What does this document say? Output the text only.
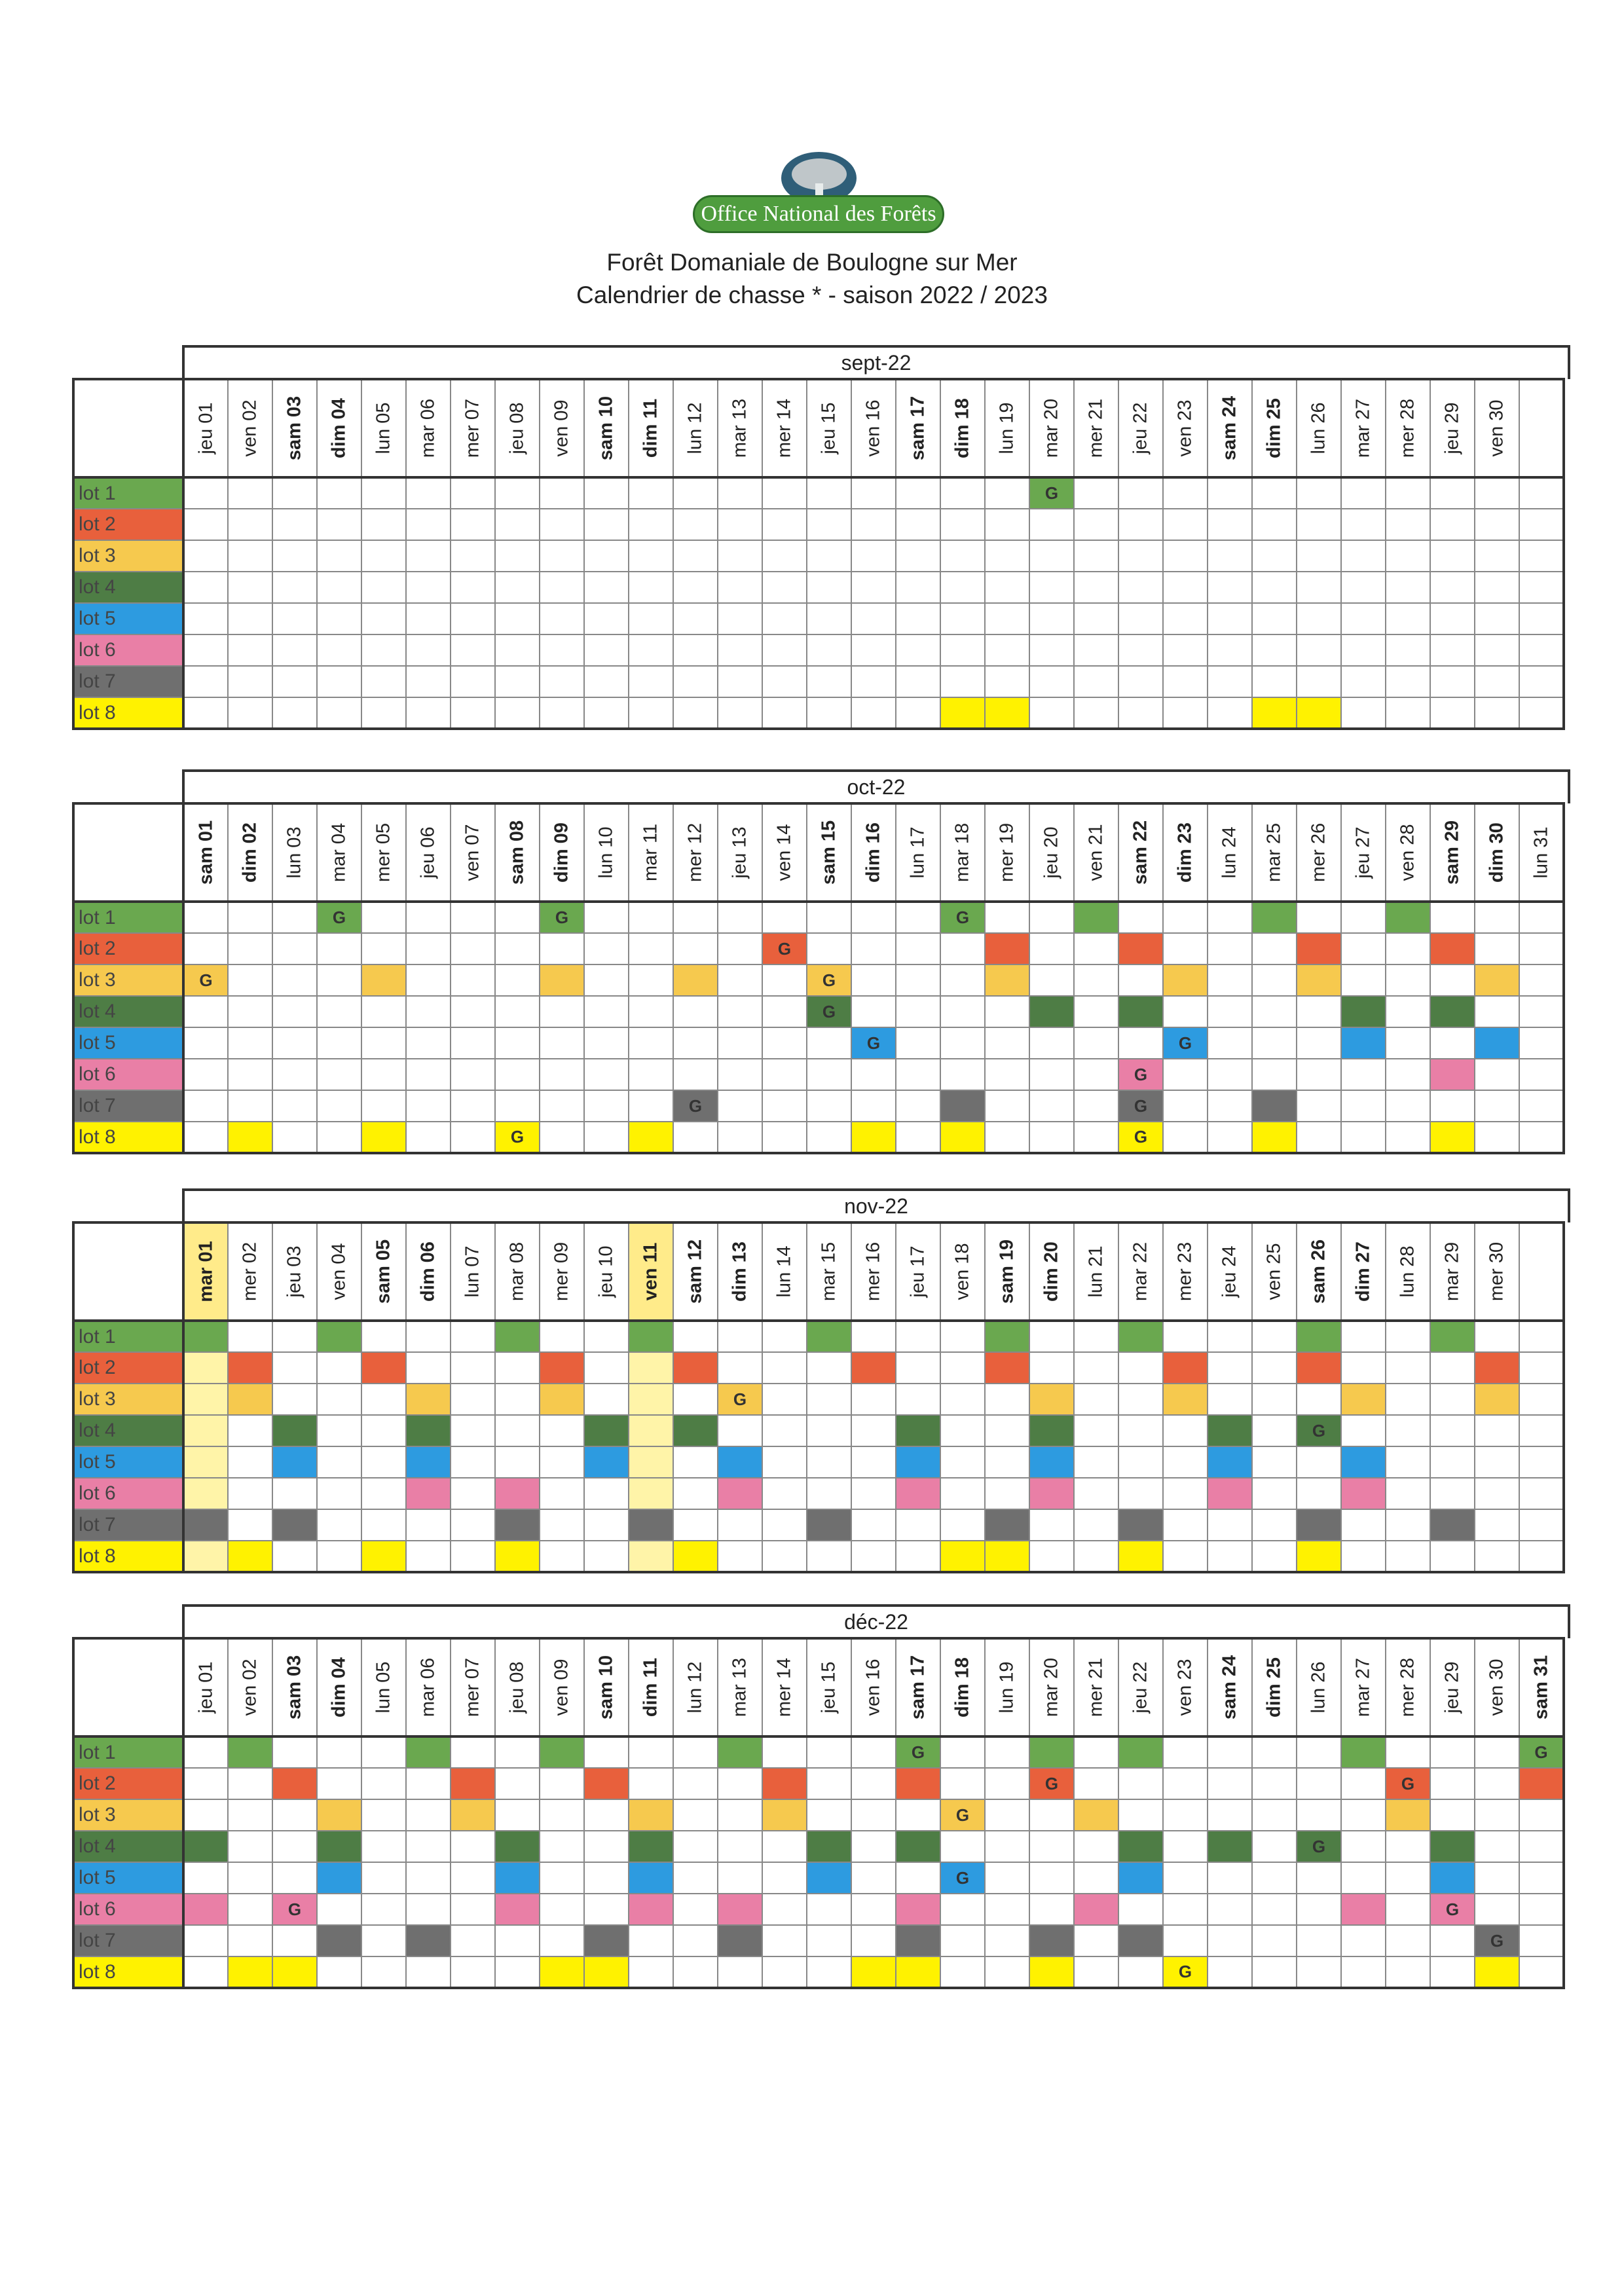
Office National des Forêts
Forêt Domaniale de Boulogne sur Mer
Calendrier de chasse * - saison 2022 / 2023
sept-22

	jeu 01	ven 02	sam 03	dim 04	lun 05	mar 06	mer 07	jeu 08	ven 09	sam 10	dim 11	lun 12	mar 13	mer 14	jeu 15	ven 16	sam 17	dim 18	lun 19	mar 20	mer 21	jeu 22	ven 23	sam 24	dim 25	lun 26	mar 27	mer 28	jeu 29	ven 30	

lot 1																				G											
lot 2																															
lot 3																															
lot 4																															
lot 5																															
lot 6																															
lot 7																															
lot 8																															
oct-22

	sam 01	dim 02	lun 03	mar 04	mer 05	jeu 06	ven 07	sam 08	dim 09	lun 10	mar 11	mer 12	jeu 13	ven 14	sam 15	dim 16	lun 17	mar 18	mer 19	jeu 20	ven 21	sam 22	dim 23	lun 24	mar 25	mer 26	jeu 27	ven 28	sam 29	dim 30	lun 31

lot 1				G					G									G													
lot 2														G																	
lot 3	G														G																
lot 4															G																
lot 5																G							G								
lot 6																						G									
lot 7												G										G									
lot 8								G														G									
nov-22

	mar 01	mer 02	jeu 03	ven 04	sam 05	dim 06	lun 07	mar 08	mer 09	jeu 10	ven 11	sam 12	dim 13	lun 14	mar 15	mer 16	jeu 17	ven 18	sam 19	dim 20	lun 21	mar 22	mer 23	jeu 24	ven 25	sam 26	dim 27	lun 28	mar 29	mer 30	

lot 1																															
lot 2																															
lot 3													G																		
lot 4																										G					
lot 5																															
lot 6																															
lot 7																															
lot 8																															
déc-22

	jeu 01	ven 02	sam 03	dim 04	lun 05	mar 06	mer 07	jeu 08	ven 09	sam 10	dim 11	lun 12	mar 13	mer 14	jeu 15	ven 16	sam 17	dim 18	lun 19	mar 20	mer 21	jeu 22	ven 23	sam 24	dim 25	lun 26	mar 27	mer 28	jeu 29	ven 30	sam 31

lot 1																	G														G
lot 2																				G								G			
lot 3																		G													
lot 4																										G					
lot 5																		G													
lot 6			G																										G		
lot 7																														G	
lot 8																							G								
